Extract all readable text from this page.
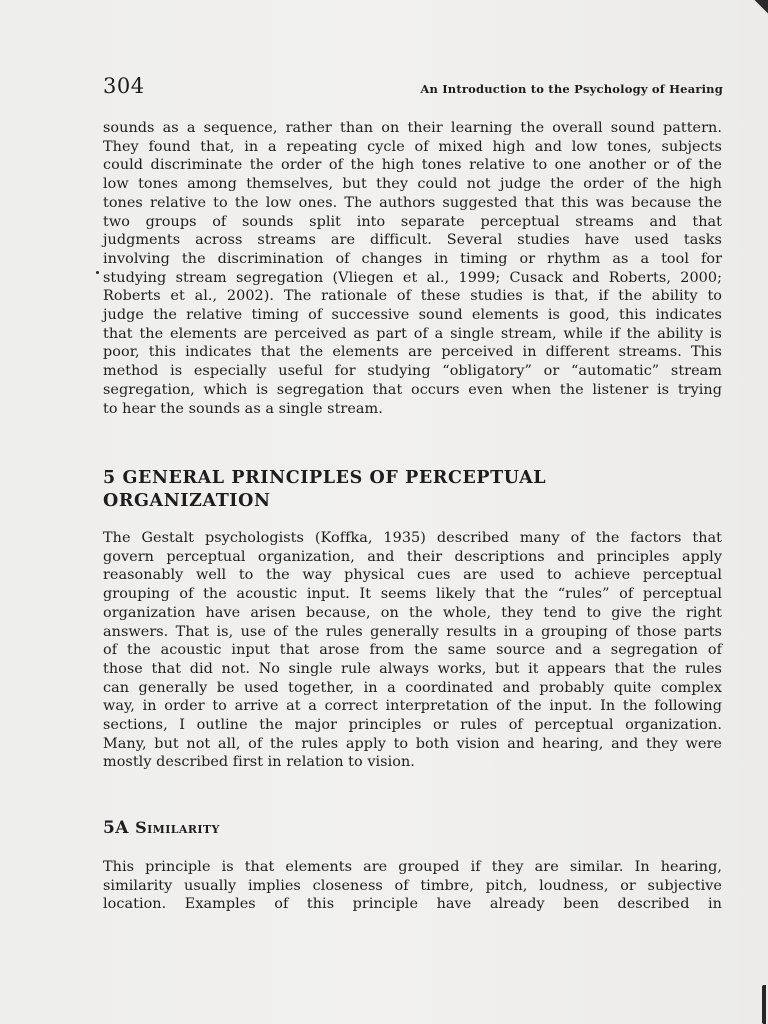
304	An Introduction to the Psychology of Hearing

sounds as a sequence, rather than on their learning the overall sound pattern.
They found that, in a repeating cycle of mixed high and low tones, subjects
could discriminate the order of the high tones relative to one another or of the
low tones among themselves, but they could not judge the order of the high
tones relative to the low ones. The authors suggested that this was because the
two groups of sounds split into separate perceptual streams and that
judgments across streams are difficult. Several studies have used tasks
involving the discrimination of changes in timing or rhythm as a tool for
studying stream segregation (Vliegen et al., 1999; Cusack and Roberts, 2000;
Roberts et al., 2002). The rationale of these studies is that, if the ability to
judge the relative timing of successive sound elements is good, this indicates
that the elements are perceived as part of a single stream, while if the ability is
poor, this indicates that the elements are perceived in different streams. This
method is especially useful for studying “obligatory” or “automatic” stream
segregation, which is segregation that occurs even when the listener is trying
to hear the sounds as a single stream.

5 GENERAL PRINCIPLES OF PERCEPTUAL
ORGANIZATION

The Gestalt psychologists (Koffka, 1935) described many of the factors that
govern perceptual organization, and their descriptions and principles apply
reasonably well to the way physical cues are used to achieve perceptual
grouping of the acoustic input. It seems likely that the “rules” of perceptual
organization have arisen because, on the whole, they tend to give the right
answers. That is, use of the rules generally results in a grouping of those parts
of the acoustic input that arose from the same source and a segregation of
those that did not. No single rule always works, but it appears that the rules
can generally be used together, in a coordinated and probably quite complex
way, in order to arrive at a correct interpretation of the input. In the following
sections, I outline the major principles or rules of perceptual organization.
Many, but not all, of the rules apply to both vision and hearing, and they were
mostly described first in relation to vision.

5A Similarity

This principle is that elements are grouped if they are similar. In hearing,
similarity usually implies closeness of timbre, pitch, loudness, or subjective
location. Examples of this principle have already been described in
